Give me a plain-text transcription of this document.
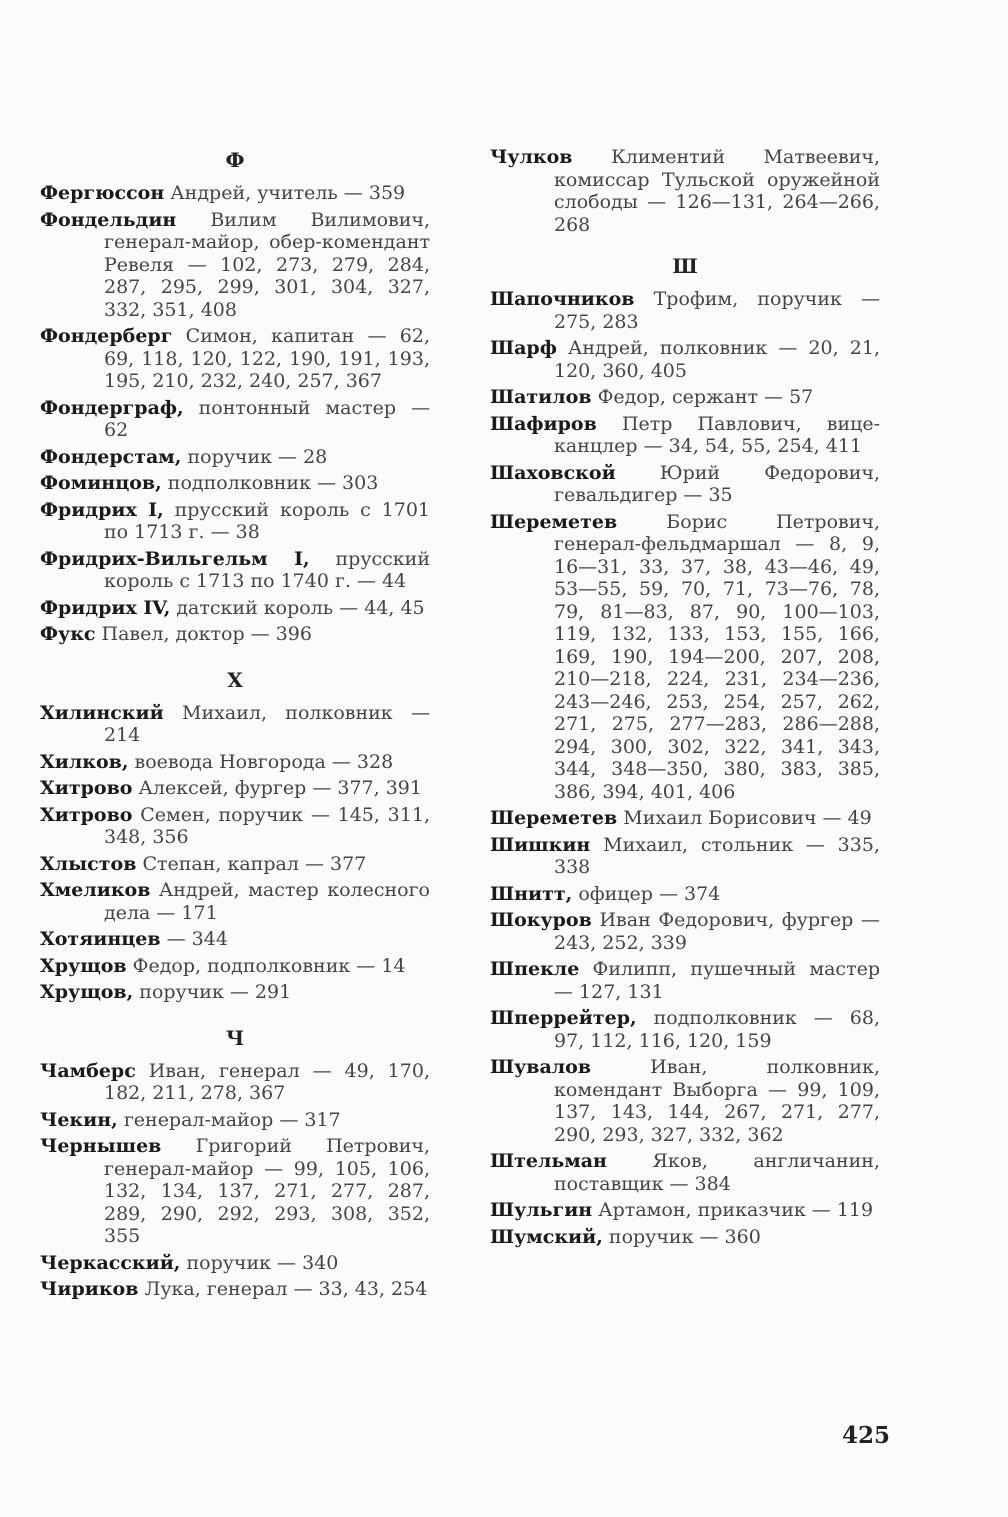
Ф
Фергюссон Андрей, учитель — 359
Фондельдин Вилим Вилимович, генерал-майор, обер-комендант Ревеля — 102, 273, 279, 284, 287, 295, 299, 301, 304, 327, 332, 351, 408
Фондерберг Симон, капитан — 62, 69, 118, 120, 122, 190, 191, 193, 195, 210, 232, 240, 257, 367
Фондерграф, понтонный мастер — 62
Фондерстам, поручик — 28
Фоминцов, подполковник — 303
Фридрих I, прусский король с 1701 по 1713 г. — 38
Фридрих-Вильгельм I, прусский король с 1713 по 1740 г. — 44
Фридрих IV, датский король — 44, 45
Фукс Павел, доктор — 396
Х
Хилинский Михаил, полковник — 214
Хилков, воевода Новгорода — 328
Хитрово Алексей, фургер — 377, 391
Хитрово Семен, поручик — 145, 311, 348, 356
Хлыстов Степан, капрал — 377
Хмеликов Андрей, мастер колесного дела — 171
Хотяинцев — 344
Хрущов Федор, подполковник — 14
Хрущов, поручик — 291
Ч
Чамберс Иван, генерал — 49, 170, 182, 211, 278, 367
Чекин, генерал-майор — 317
Чернышев Григорий Петрович, генерал-майор — 99, 105, 106, 132, 134, 137, 271, 277, 287, 289, 290, 292, 293, 308, 352, 355
Черкасский, поручик — 340
Чириков Лука, генерал — 33, 43, 254
Чулков Климентий Матвеевич, комиссар Тульской оружейной слободы — 126—131, 264—266, 268
Ш
Шапочников Трофим, поручик — 275, 283
Шарф Андрей, полковник — 20, 21, 120, 360, 405
Шатилов Федор, сержант — 57
Шафиров Петр Павлович, вице-канцлер — 34, 54, 55, 254, 411
Шаховской Юрий Федорович, гевальдигер — 35
Шереметев	Борис Петрович, генерал-фельдмаршал — 8, 9, 16—31, 33, 37, 38, 43—46, 49, 53—55, 59, 70, 71, 73—76, 78, 79, 81—83, 87, 90, 100—103, 119, 132, 133, 153, 155, 166, 169, 190, 194—200, 207, 208, 210—218, 224, 231, 234—236, 243—246, 253, 254, 257, 262, 271, 275, 277—283, 286—288, 294, 300, 302, 322, 341, 343, 344, 348—350, 380, 383, 385, 386, 394, 401, 406
Шереметев Михаил Борисович — 49
Шишкин Михаил, стольник — 335, 338
Шнитт, офицер — 374
Шокуров Иван Федорович, фургер — 243, 252, 339
Шпекле Филипп, пушечный мастер — 127, 131
Шперрейтер, подполковник — 68, 97, 112, 116, 120, 159
Шувалов	Иван, полковник, комендант Выборга — 99, 109, 137, 143, 144, 267, 271, 277, 290, 293, 327, 332, 362
Штельман Яков, англичанин, поставщик — 384
Шульгин Артамон, приказчик — 119
Шумский, поручик — 360
425
